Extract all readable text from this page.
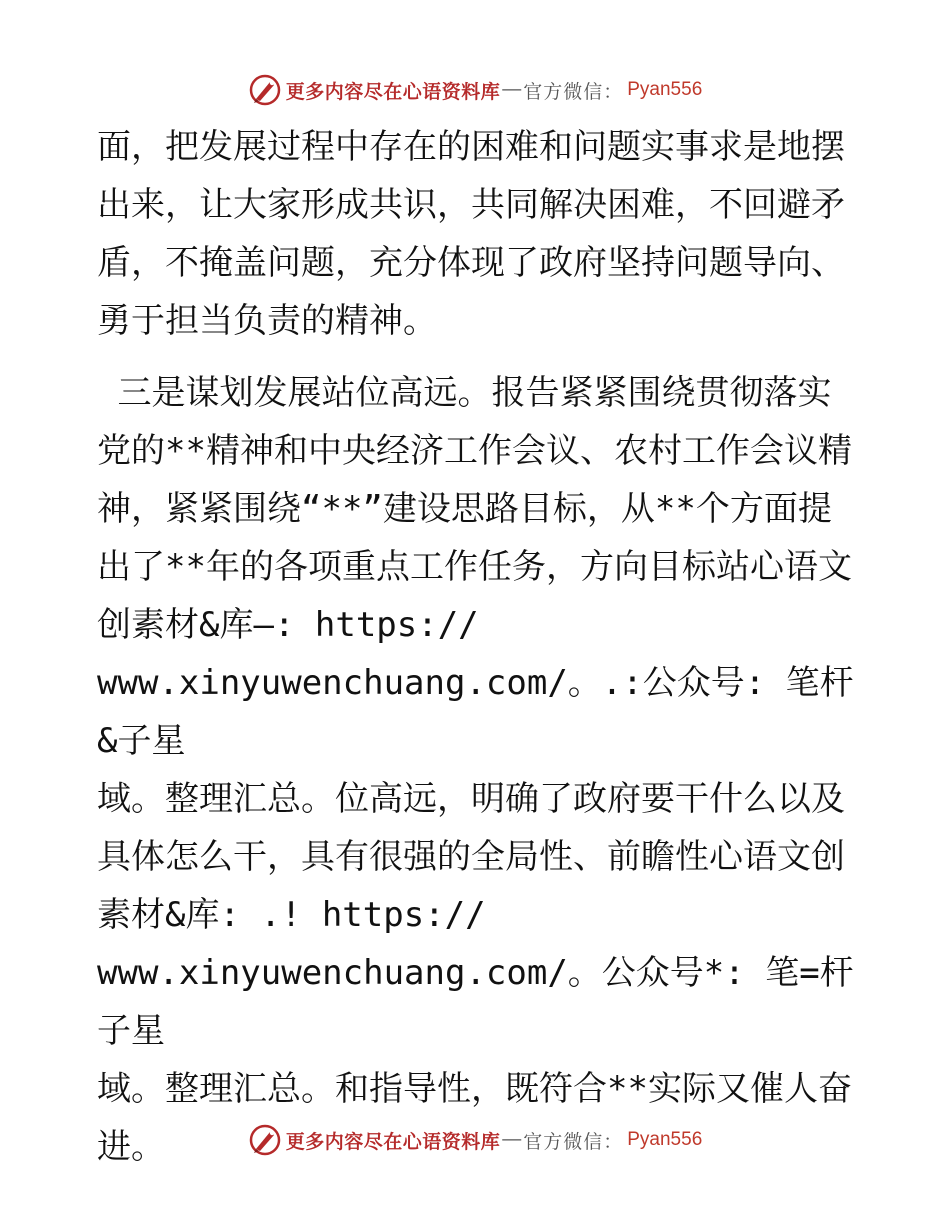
更多内容尽在心语资料库 — 官方微信： Pyan556

面，把发展过程中存在的困难和问题实事求是地摆

出来，让大家形成共识，共同解决困难，不回避矛

盾，不掩盖问题，充分体现了政府坚持问题导向、

勇于担当负责的精神。

三是谋划发展站位高远。报告紧紧围绕贯彻落实

党的**精神和中央经济工作会议、农村工作会议精

神，紧紧围绕“**”建设思路目标，从**个方面提

出了**年的各项重点工作任务，方向目标站心语文

创素材&库—: https://

www.xinyuwenchuang.com/。.:公众号: 笔杆&子星

域。整理汇总。位高远，明确了政府要干什么以及

具体怎么干，具有很强的全局性、前瞻性心语文创

素材&库: .! https://

www.xinyuwenchuang.com/。公众号*: 笔=杆子星

域。整理汇总。和指导性，既符合**实际又催人奋

进。	更多内容尽在心语资料库 — 官方微信： Pyan556
